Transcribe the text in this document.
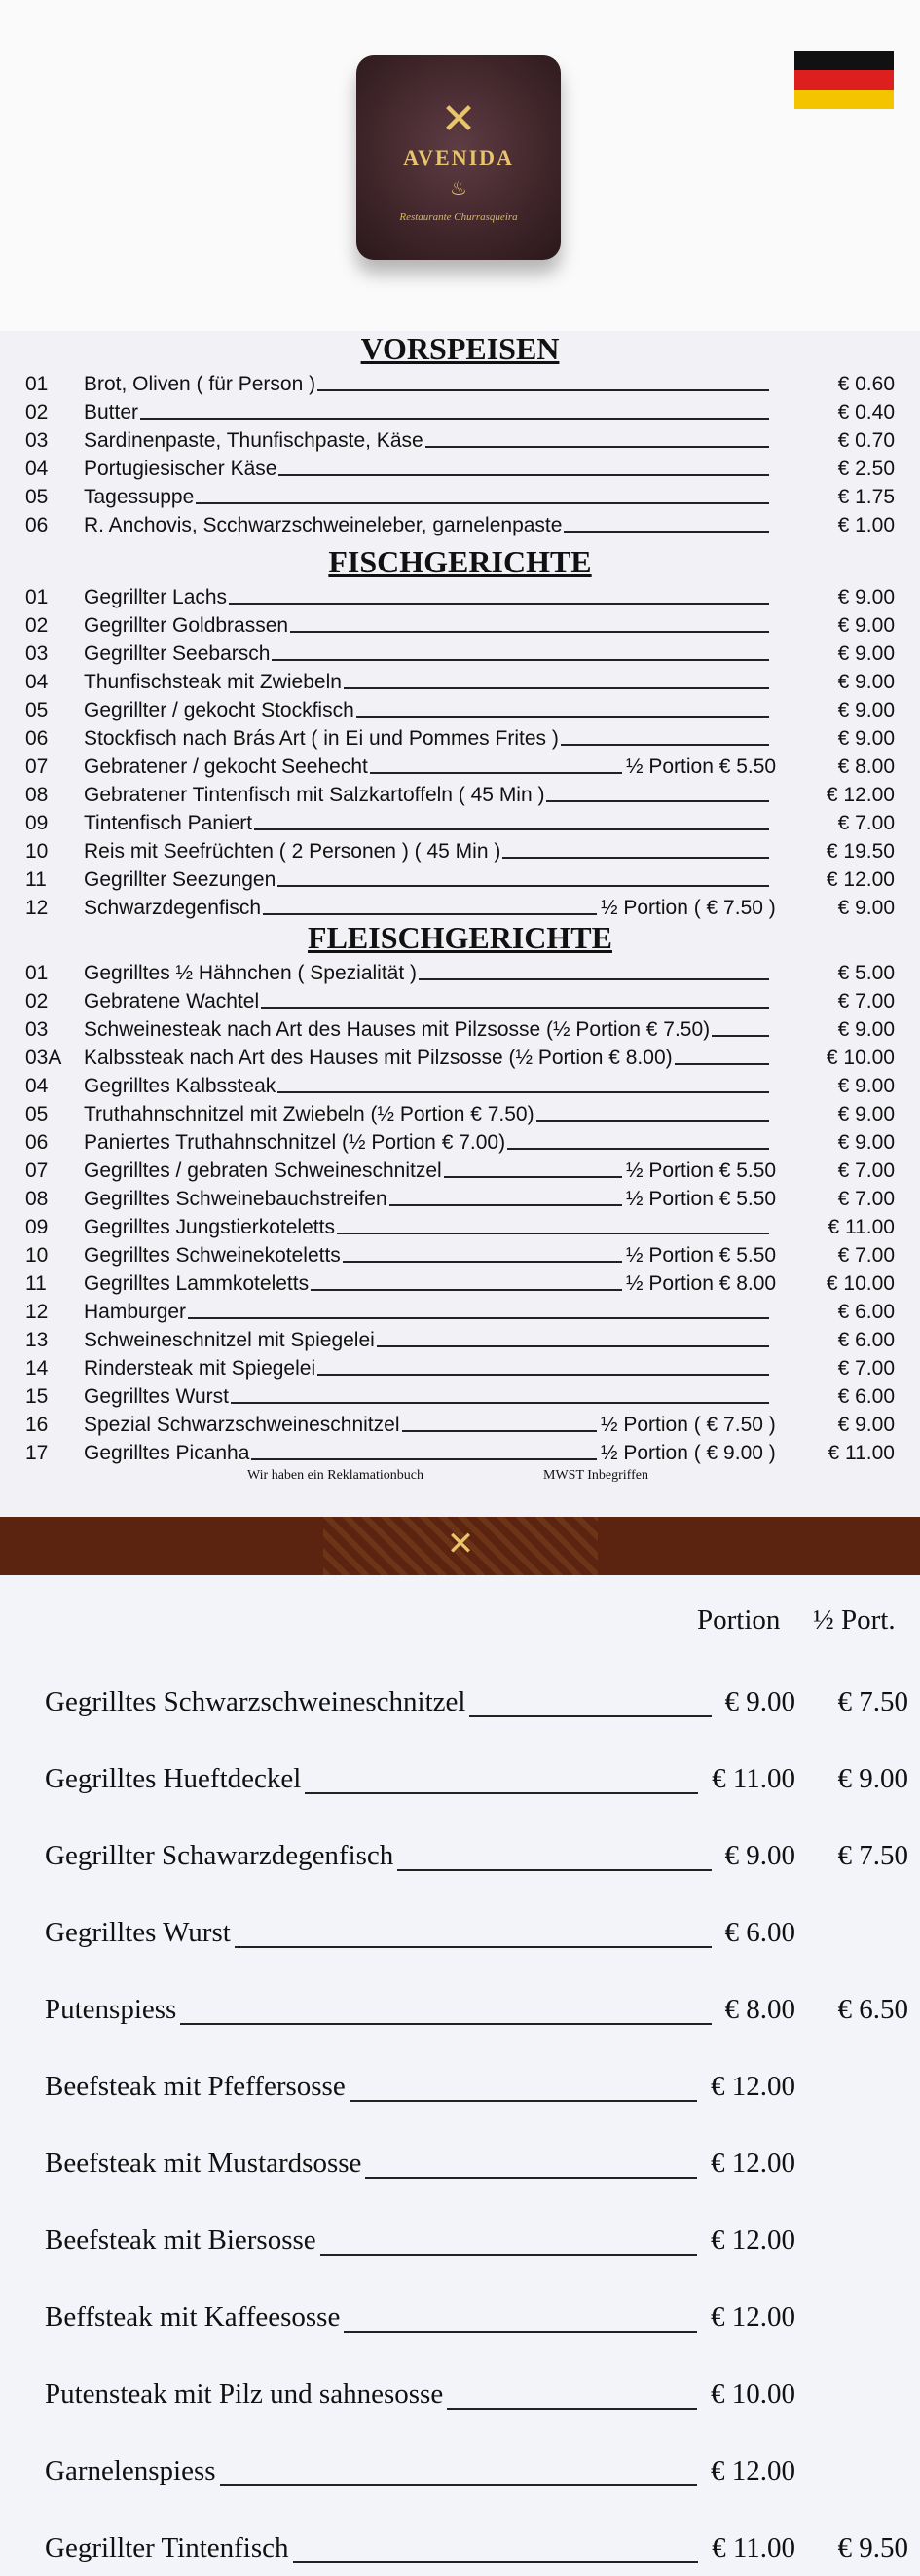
✕
AVENIDA
♨
Restaurante Churrasqueira
VORSPEISEN
01 Brot, Oliven ( für Person )	€ 0.60
02 Butter	€ 0.40
03 Sardinenpaste, Thunfischpaste, Käse	€ 0.70
04 Portugiesischer Käse	€ 2.50
05 Tagessuppe	€ 1.75
06 R. Anchovis, Scchwarzschweineleber, garnelenpaste	€ 1.00
FISCHGERICHTE
01 Gegrillter Lachs	€ 9.00
02 Gegrillter Goldbrassen	€ 9.00
03 Gegrillter Seebarsch	€ 9.00
04 Thunfischsteak mit Zwiebeln	€ 9.00
05 Gegrillter / gekocht Stockfisch	€ 9.00
06 Stockfisch nach Brás Art ( in Ei und Pommes Frites )	€ 9.00
07 Gebratener / gekocht Seehecht	½ Portion € 5.50	€ 8.00
08 Gebratener Tintenfisch mit Salzkartoffeln ( 45 Min )	€ 12.00
09 Tintenfisch Paniert	€ 7.00
10 Reis mit Seefrüchten ( 2 Personen ) ( 45 Min )	€ 19.50
11 Gegrillter Seezungen	€ 12.00
12 Schwarzdegenfisch	½ Portion ( € 7.50 )	€ 9.00
FLEISCHGERICHTE
01 Gegrilltes ½ Hähnchen ( Spezialität )	€ 5.00
02 Gebratene Wachtel	€ 7.00
03 Schweinesteak nach Art des Hauses mit Pilzsosse (½ Portion € 7.50)	€ 9.00
03A Kalbssteak nach Art des Hauses mit Pilzsosse (½ Portion € 8.00)	€ 10.00
04 Gegrilltes Kalbssteak	€ 9.00
05 Truthahnschnitzel mit Zwiebeln (½ Portion € 7.50)	€ 9.00
06 Paniertes Truthahnschnitzel (½ Portion € 7.00)	€ 9.00
07 Gegrilltes / gebraten Schweineschnitzel	½ Portion € 5.50	€ 7.00
08 Gegrilltes Schweinebauchstreifen	½ Portion € 5.50	€ 7.00
09 Gegrilltes Jungstierkoteletts	€ 11.00
10 Gegrilltes Schweinekoteletts	½ Portion € 5.50	€ 7.00
11 Gegrilltes Lammkoteletts	½ Portion € 8.00 € 10.00
12 Hamburger	€ 6.00
13 Schweineschnitzel mit Spiegelei	€ 6.00
14 Rindersteak mit Spiegelei	€ 7.00
15 Gegrilltes Wurst	€ 6.00
16 Spezial Schwarzschweineschnitzel	½ Portion ( € 7.50 )	€ 9.00
17 Gegrilltes Picanha	½ Portion ( € 9.00 )	€ 11.00
Wir haben ein Reklamationbuch	MWST Inbegriffen
✕
Portion ½ Port.
Gegrilltes Schwarzschweineschnitzel	€ 9.00 € 7.50
Gegrilltes Hueftdeckel	€ 11.00 € 9.00
Gegrillter Schawarzdegenfisch	€ 9.00 € 7.50
Gegrilltes Wurst	€ 6.00
Putenspiess	€ 8.00 € 6.50
Beefsteak mit Pfeffersosse	€ 12.00
Beefsteak mit Mustardsosse	€ 12.00
Beefsteak mit Biersosse	€ 12.00
Beffsteak mit Kaffeesosse	€ 12.00
Putensteak mit Pilz und sahnesosse	€ 10.00
Garnelenspiess	€ 12.00
Gegrillter Tintenfisch	€ 11.00 € 9.50
